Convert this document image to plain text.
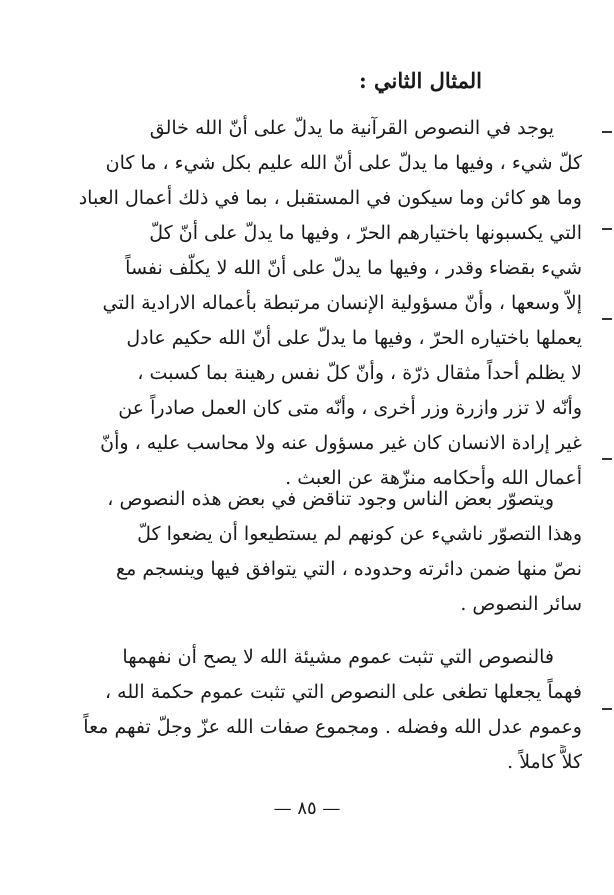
المثال الثاني :
يوجد في النصوص القرآنية ما يدلّ على أنّ الله خالق
كلّ شيء ، وفيها ما يدلّ على أنّ الله عليم بكل شيء ، ما كان
وما هو كائن وما سيكون في المستقبل ، بما في ذلك أعمال العباد
التي يكسبونها باختيارهم الحرّ ، وفيها ما يدلّ على أنّ كلّ
شيء بقضاء وقدر ، وفيها ما يدلّ على أنّ الله لا يكلّف نفساً
إلاّ وسعها ، وأنّ مسؤولية الإنسان مرتبطة بأعماله الارادية التي
يعملها باختياره الحرّ ، وفيها ما يدلّ على أنّ الله حكيم عادل
لا يظلم أحداً مثقال ذرّة ، وأنّ كلّ نفس رهينة بما كسبت ،
وأنّه لا تزر وازرة وزر أخرى ، وأنّه متى كان العمل صادراً عن
غير إرادة الانسان كان غير مسؤول عنه ولا محاسب عليه ، وأنّ
أعمال الله وأحكامه منزّهة عن العبث .
ويتصوّر بعض الناس وجود تناقض في بعض هذه النصوص ،
وهذا التصوّر ناشيء عن كونهم لم يستطيعوا أن يضعوا كلّ
نصّ منها ضمن دائرته وحدوده ، التي يتوافق فيها وينسجم مع
سائر النصوص .
فالنصوص التي تثبت عموم مشيئة الله لا يصح أن نفهمها
فهماً يجعلها تطغى على النصوص التي تثبت عموم حكمة الله ،
وعموم عدل الله وفضله . ومجموع صفات الله عزّ وجلّ تفهم معاً
كلاًّ كاملاً .
— ٨٥ —
